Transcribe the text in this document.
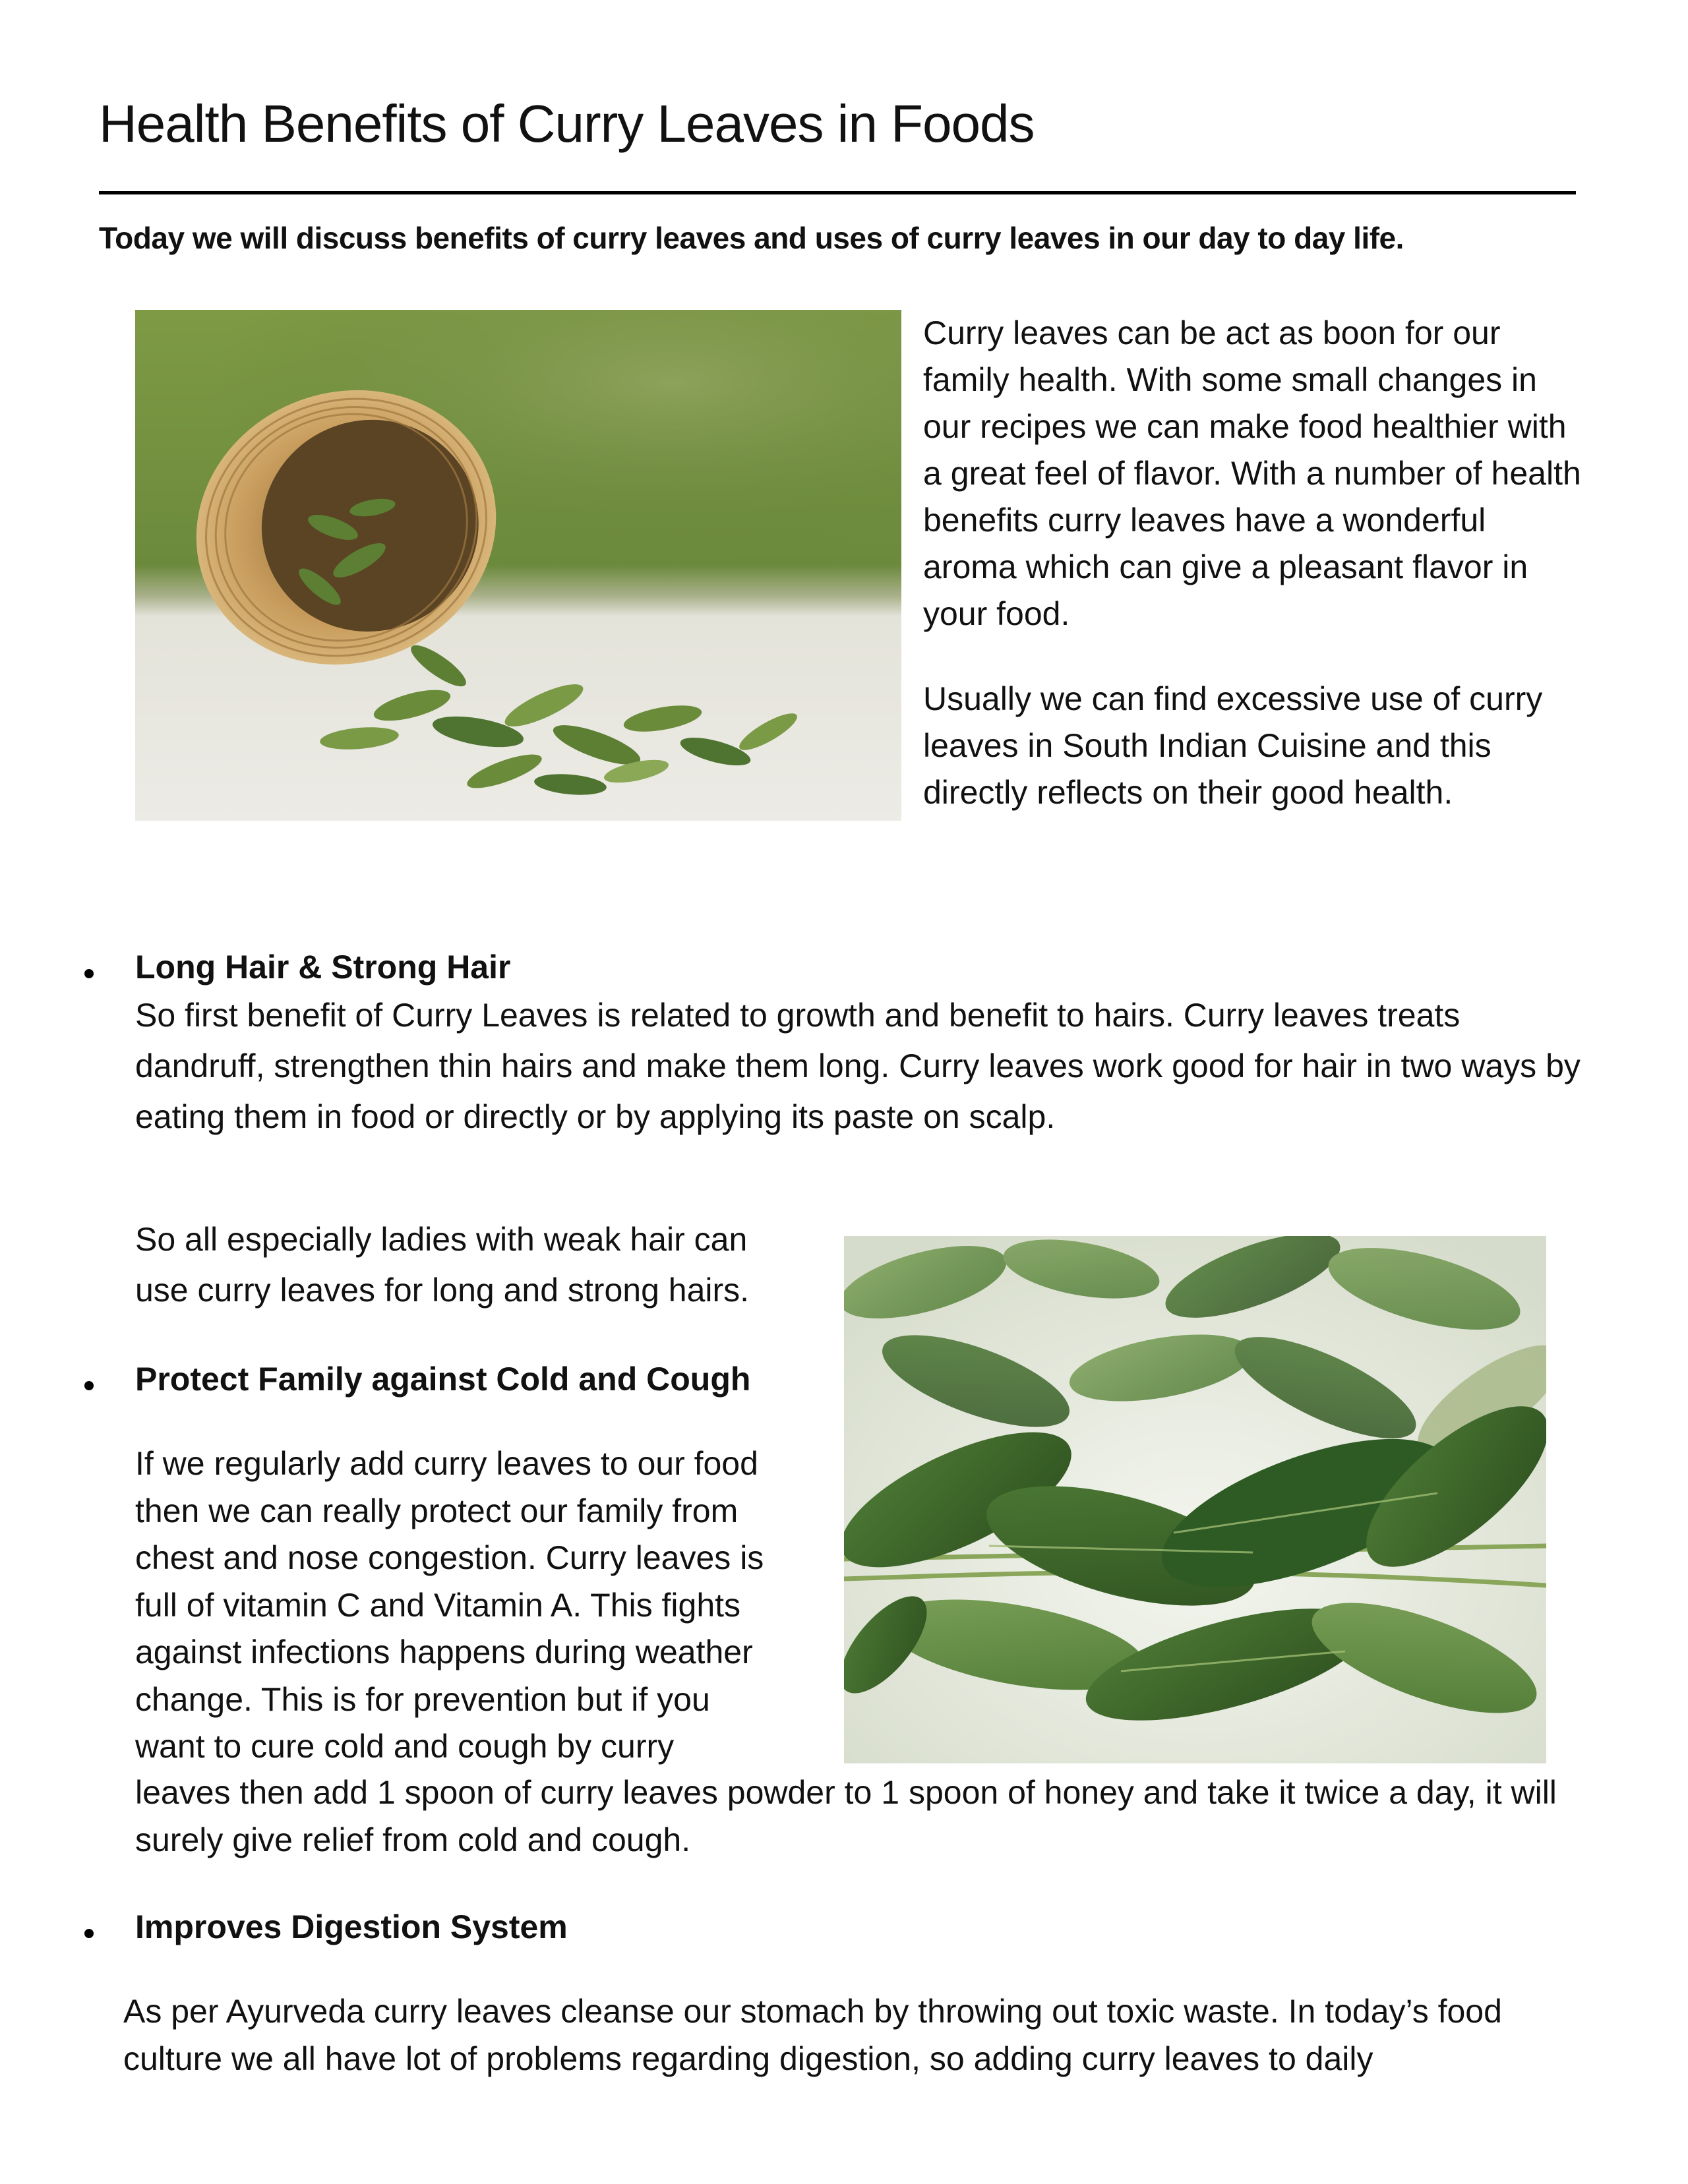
Health Benefits of Curry Leaves in Foods
Today we will discuss benefits of curry leaves and uses of curry leaves in our day to day life.

Curry leaves can be act as boon for our family health. With some small changes in our recipes we can make food healthier with a great feel of flavor. With a number of health benefits curry leaves have a wonderful aroma which can give a pleasant flavor in your food.

Usually we can find excessive use of curry leaves in South Indian Cuisine and this directly reflects on their good health.

Long Hair & Strong Hair

So first benefit of Curry Leaves is related to growth and benefit to hairs. Curry leaves treats dandruff, strengthen thin hairs and make them long. Curry leaves work good for hair in two ways by eating them in food or directly or by applying its paste on scalp.

So all especially ladies with weak hair can use curry leaves for long and strong hairs.

Protect Family against Cold and Cough

If we regularly add curry leaves to our food

then we can really protect our family from

chest and nose congestion. Curry leaves is

full of vitamin C and Vitamin A. This fights

against infections happens during weather

change. This is for prevention but if you

want to cure cold and cough by curry

leaves then add 1 spoon of curry leaves powder to 1 spoon of honey and take it twice a day, it will surely give relief from cold and cough.

Improves Digestion System

As per Ayurveda curry leaves cleanse our stomach by throwing out toxic waste. In today’s food culture we all have lot of problems regarding digestion, so adding curry leaves to daily
